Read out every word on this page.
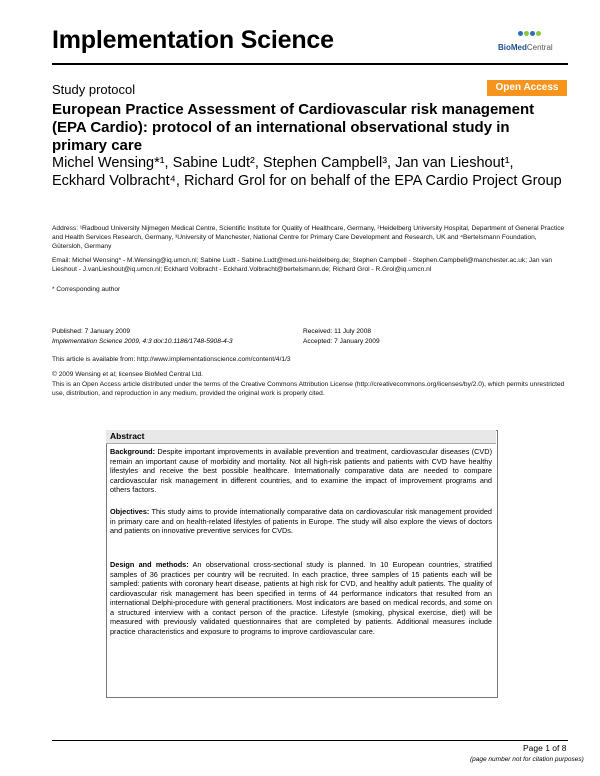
Implementation Science	BioMedCentral
Study protocol	Open Access
European Practice Assessment of Cardiovascular risk management (EPA Cardio): protocol of an international observational study in primary care
Michel Wensing*¹, Sabine Ludt², Stephen Campbell³, Jan van Lieshout¹, Eckhard Volbracht⁴, Richard Grol for on behalf of the EPA Cardio Project Group
Address: ¹Radboud University Nijmegen Medical Centre, Scientific Institute for Quality of Healthcare, Germany, ²Heidelberg University Hospital, Department of General Practice and Health Services Research, Germany, ³University of Manchester, National Centre for Primary Care Development and Research, UK and ⁴Bertelsmann Foundation, Gütersloh, Germany
Email: Michel Wensing* - M.Wensing@iq.umcn.nl; Sabine Ludt - Sabine.Ludt@med.uni-heidelberg.de; Stephen Campbell - Stephen.Campbell@manchester.ac.uk; Jan van Lieshout - J.vanLieshout@iq.umcn.nl; Eckhard Volbracht - Eckhard.Volbracht@bertelsmann.de; Richard Grol - R.Grol@iq.umcn.nl
* Corresponding author
Published: 7 January 2009
Implementation Science 2009, 4:3 doi:10.1186/1748-5908-4-3
Received: 11 July 2008
Accepted: 7 January 2009
This article is available from: http://www.implementationscience.com/content/4/1/3
© 2009 Wensing et al; licensee BioMed Central Ltd.
This is an Open Access article distributed under the terms of the Creative Commons Attribution License (http://creativecommons.org/licenses/by/2.0), which permits unrestricted use, distribution, and reproduction in any medium, provided the original work is properly cited.
Abstract
Background: Despite important improvements in available prevention and treatment, cardiovascular diseases (CVD) remain an important cause of morbidity and mortality. Not all high-risk patients and patients with CVD have healthy lifestyles and receive the best possible healthcare. Internationally comparative data are needed to compare cardiovascular risk management in different countries, and to examine the impact of improvement programs and others factors.
Objectives: This study aims to provide internationally comparative data on cardiovascular risk management provided in primary care and on health-related lifestyles of patients in Europe. The study will also explore the views of doctors and patients on innovative preventive services for CVDs.
Design and methods: An observational cross-sectional study is planned. In 10 European countries, stratified samples of 36 practices per country will be recruited. In each practice, three samples of 15 patients each will be sampled: patients with coronary heart disease, patients at high risk for CVD, and healthy adult patients. The quality of cardiovascular risk management has been specified in terms of 44 performance indicators that resulted from an international Delphi-procedure with general practitioners. Most indicators are based on medical records, and some on a structured interview with a contact person of the practice. Lifestyle (smoking, physical exercise, diet) will be measured with previously validated questionnaires that are completed by patients. Additional measures include practice characteristics and exposure to programs to improve cardiovascular care.
Page 1 of 8
(page number not for citation purposes)
